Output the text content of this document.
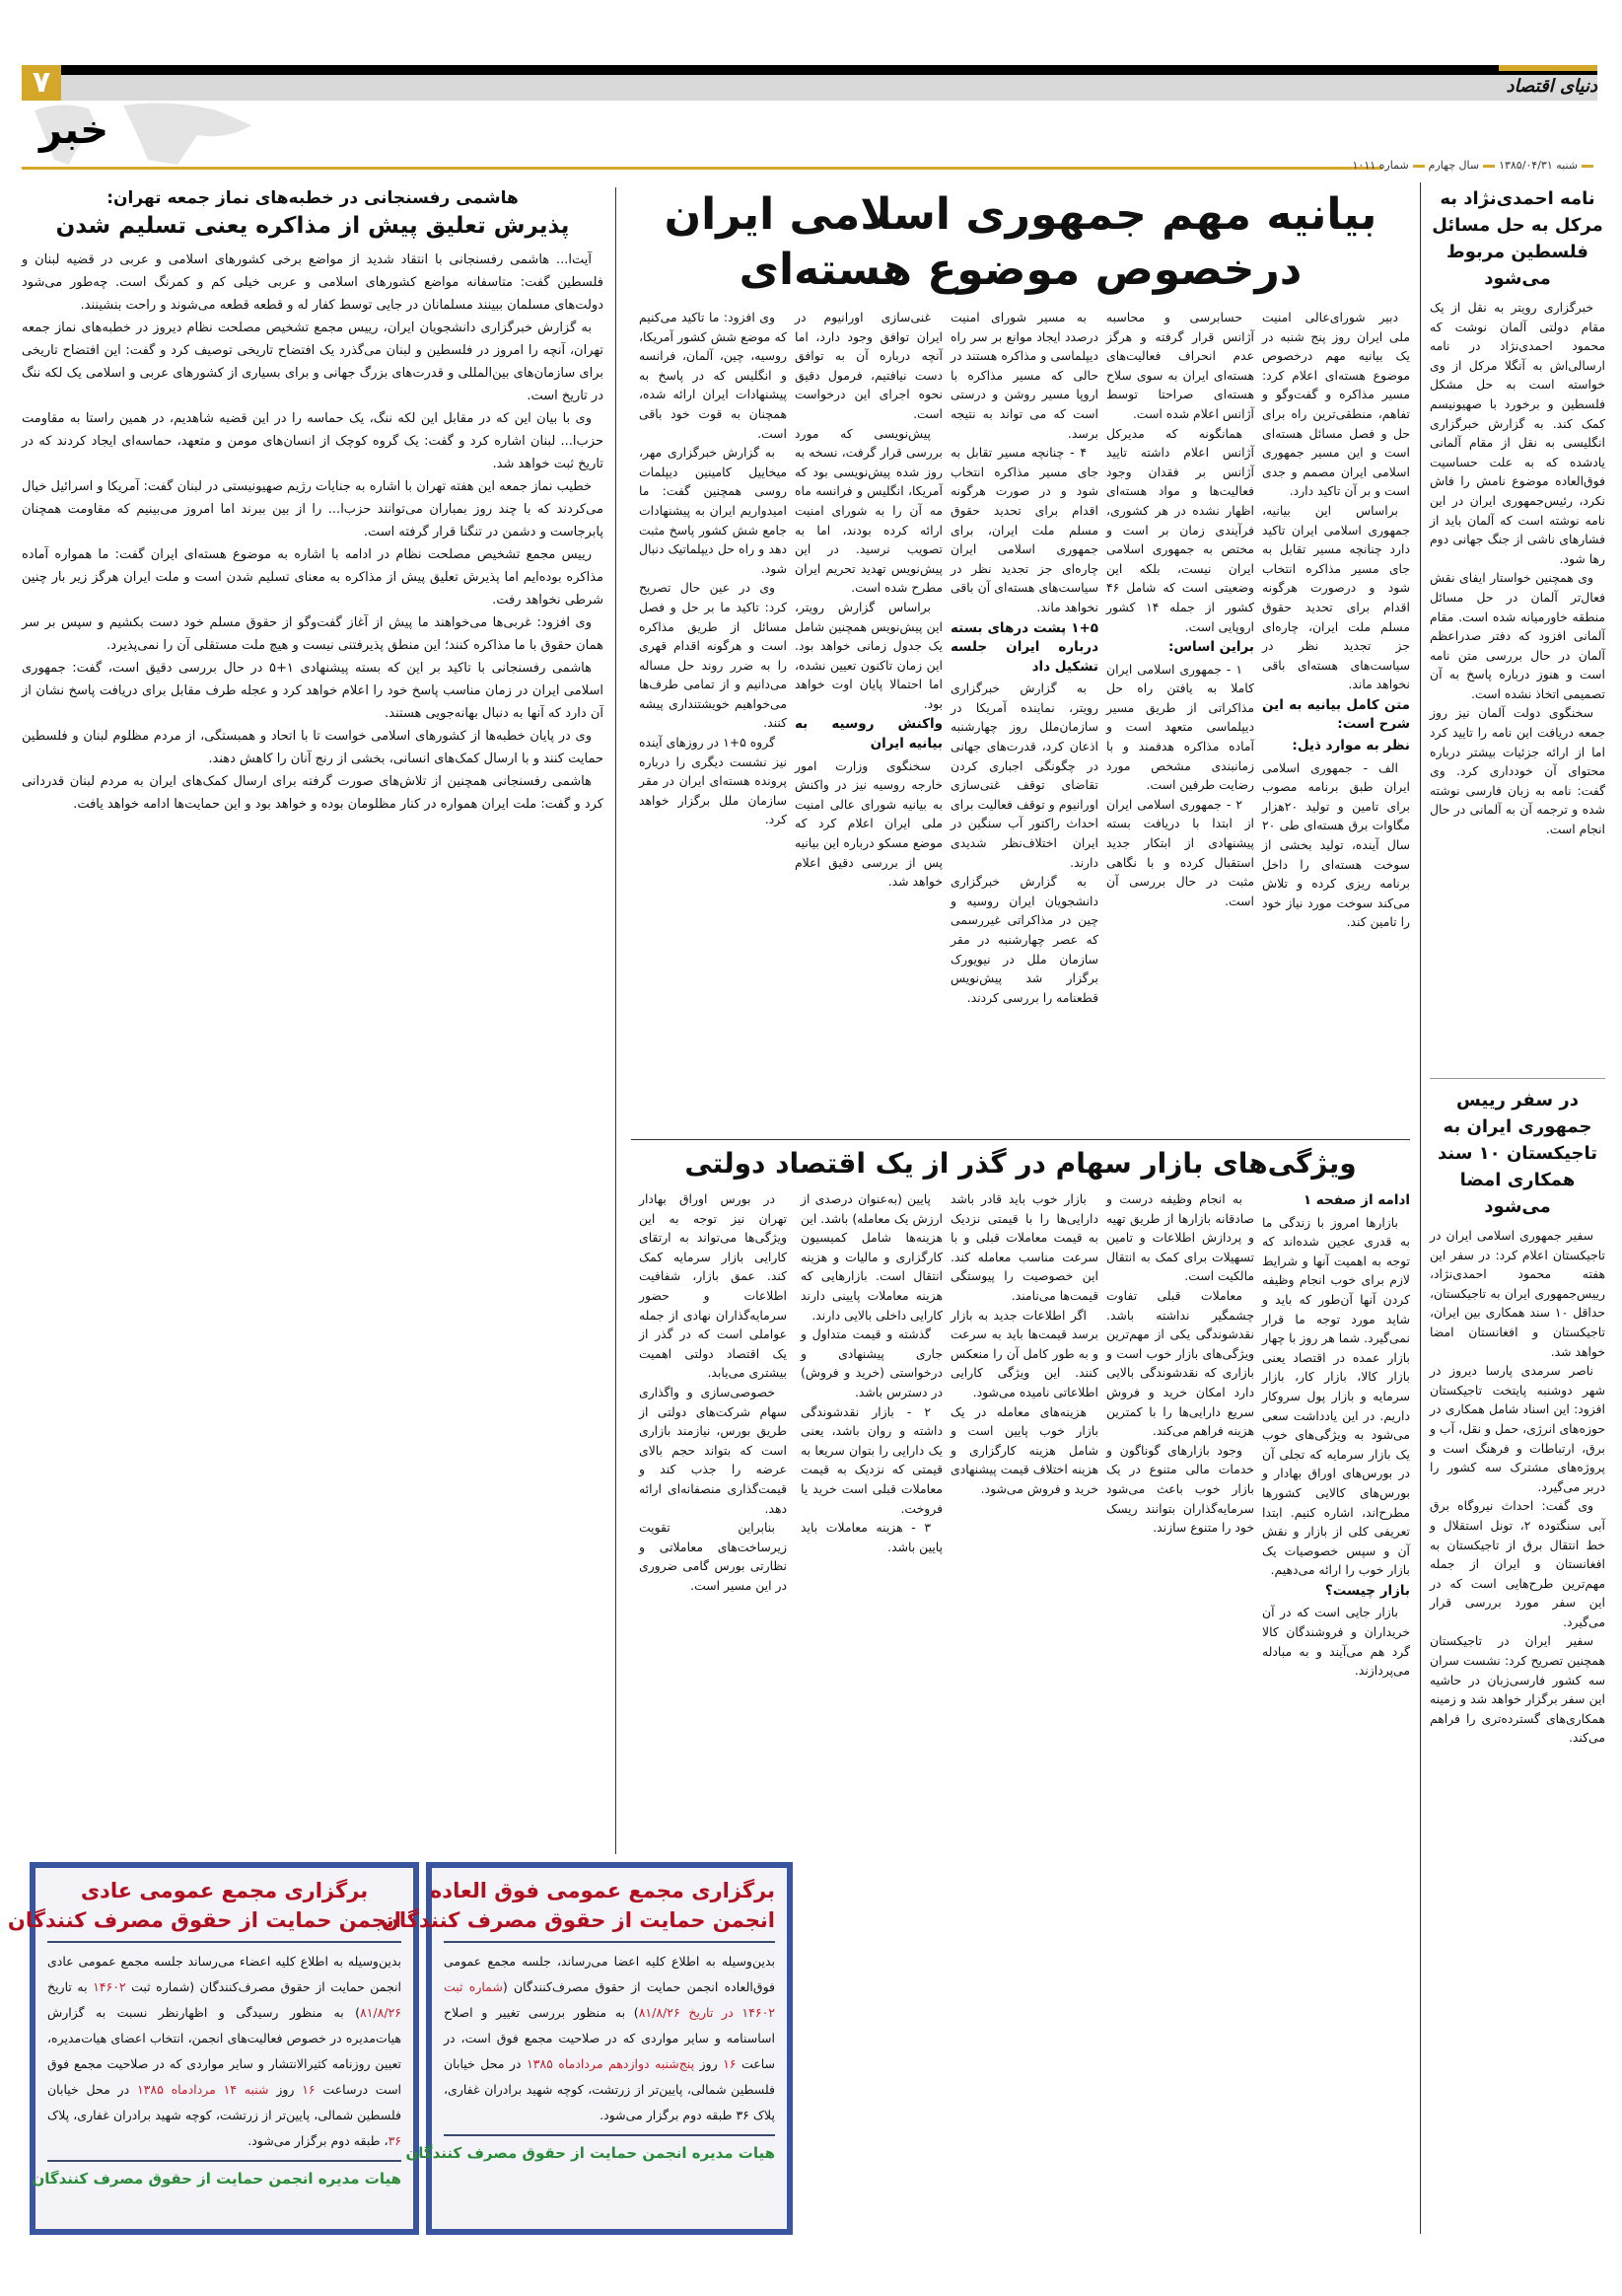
۷	دنیای اقتصاد
خبر
شنبه ۱۳۸۵/۰۴/۳۱سال چهارمشماره ۱۰۱۱
نامه احمدی‌نژاد به مرکل به حل مسائل فلسطین مربوط می‌شود

خبرگزاری رویتر به نقل از یک مقام دولتی آلمان نوشت که محمود احمدی‌نژاد در نامه ارسالی‌اش به آنگلا مرکل از وی خواسته است به حل مشکل فلسطین و برخورد با صهیونیسم کمک کند. به گزارش خبرگزاری انگلیسی به نقل از مقام آلمانی یادشده که به علت حساسیت فوق‌العاده موضوع نامش را فاش نکرد، رئیس‌جمهوری ایران در این نامه نوشته است که آلمان باید از فشارهای ناشی از جنگ جهانی دوم رها شود.

وی همچنین خواستار ایفای نقش فعال‌تر آلمان در حل مسائل منطقه خاورمیانه شده است. مقام آلمانی افزود که دفتر صدراعظم آلمان در حال بررسی متن نامه است و هنوز درباره پاسخ به آن تصمیمی اتخاذ نشده است.

سخنگوی دولت آلمان نیز روز جمعه دریافت این نامه را تایید کرد اما از ارائه جزئیات بیشتر درباره محتوای آن خودداری کرد. وی گفت: نامه به زبان فارسی نوشته شده و ترجمه آن به آلمانی در حال انجام است.

در سفر رییس جمهوری ایران به تاجیکستان ۱۰ سند همکاری امضا می‌شود

سفیر جمهوری اسلامی ایران در تاجیکستان اعلام کرد: در سفر این هفته محمود احمدی‌نژاد، رییس‌جمهوری ایران به تاجیکستان، حداقل ۱۰ سند همکاری بین ایران، تاجیکستان و افغانستان امضا خواهد شد.

ناصر سرمدی پارسا دیروز در شهر دوشنبه پایتخت تاجیکستان افزود: این اسناد شامل همکاری در حوزه‌های انرژی، حمل و نقل، آب و برق، ارتباطات و فرهنگ است و پروژه‌های مشترک سه کشور را دربر می‌گیرد.

وی گفت: احداث نیروگاه برق آبی سنگتوده ۲، تونل استقلال و خط انتقال برق از تاجیکستان به افغانستان و ایران از جمله مهم‌ترین طرح‌هایی است که در این سفر مورد بررسی قرار می‌گیرد.

سفیر ایران در تاجیکستان همچنین تصریح کرد: نشست سران سه کشور فارسی‌زبان در حاشیه این سفر برگزار خواهد شد و زمینه همکاری‌های گسترده‌تری را فراهم می‌کند.

بیانیه مهم جمهوری اسلامی ایران
درخصوص موضوع هسته‌ای

دبیر شورای‌عالی امنیت ملی ایران روز پنج شنبه در یک بیانیه مهم درخصوص موضوع هسته‌ای اعلام کرد: مسیر مذاکره و گفت‌وگو و تفاهم، منطقی‌ترین راه برای حل و فصل مسائل هسته‌ای است و این مسیر جمهوری اسلامی ایران مصمم و جدی است و بر آن تاکید دارد.

براساس این بیانیه، جمهوری اسلامی ایران تاکید دارد چنانچه مسیر تقابل به جای مسیر مذاکره انتخاب شود و درصورت هرگونه اقدام برای تحدید حقوق مسلم ملت ایران، چاره‌ای جز تجدید نظر در سیاست‌های هسته‌ای باقی نخواهد ماند.

متن کامل بیانیه به این شرح است:
نظر به موارد ذیل:

الف - جمهوری اسلامی ایران طبق برنامه مصوب برای تامین و تولید ۲۰هزار مگاوات برق هسته‌ای طی ۲۰ سال آینده، تولید بخشی از سوخت هسته‌ای را داخل برنامه ریزی کرده و تلاش می‌کند سوخت مورد نیاز خود را تامین کند.

حسابرسی و محاسبه آژانس قرار گرفته و هرگز عدم انحراف فعالیت‌های هسته‌ای ایران به سوی سلاح هسته‌ای صراحتا توسط آژانس اعلام شده است.

همانگونه که مدیرکل آژانس اعلام داشته تایید آژانس بر فقدان وجود فعالیت‌ها و مواد هسته‌ای اظهار نشده در هر کشوری، فرآیندی زمان بر است و مختص به جمهوری اسلامی ایران نیست، بلکه این وضعیتی است که شامل ۴۶ کشور از جمله ۱۴ کشور اروپایی است.

براین اساس:

۱ - جمهوری اسلامی ایران کاملا به یافتن راه حل مذاکراتی از طریق مسیر دیپلماسی متعهد است و آماده مذاکره هدفمند و با زمانبندی مشخص مورد رضایت طرفین است.

۲ - جمهوری اسلامی ایران از ابتدا با دریافت بسته پیشنهادی از ابتکار جدید استقبال کرده و با نگاهی مثبت در حال بررسی آن است.

به مسیر شورای امنیت درصدد ایجاد موانع بر سر راه دیپلماسی و مذاکره هستند در حالی که مسیر مذاکره با اروپا مسیر روشن و درستی است که می تواند به نتیجه برسد.

۴ - چنانچه مسیر تقابل به جای مسیر مذاکره انتخاب شود و در صورت هرگونه اقدام برای تحدید حقوق مسلم ملت ایران، برای جمهوری اسلامی ایران چاره‌ای جز تجدید نظر در سیاست‌های هسته‌ای آن باقی نخواهد ماند.

۱+۵ پشت درهای بسته درباره ایران جلسه تشکیل داد

به گزارش خبرگزاری رویتر، نماینده آمریکا در سازمان‌ملل روز چهارشنبه اذعان کرد، قدرت‌های جهانی در چگونگی اجباری کردن تقاضای توقف غنی‌سازی اورانیوم و توقف فعالیت برای احداث راکتور آب سنگین در ایران اختلاف‌نظر شدیدی دارند.

به گزارش خبرگزاری دانشجویان ایران روسیه و چین در مذاکراتی غیررسمی که عصر چهارشنبه در مقر سازمان ملل در نیویورک برگزار شد پیش‌نویس قطعنامه را بررسی کردند.

غنی‌سازی اورانیوم در ایران توافق وجود دارد، اما آنچه درباره آن به توافق دست نیافتیم، فرمول دقیق نحوه اجرای این درخواست است.

پیش‌نویسی که مورد بررسی قرار گرفت، نسخه به روز شده پیش‌نویسی بود که آمریکا، انگلیس و فرانسه ماه مه آن را به شورای امنیت ارائه کرده بودند، اما به تصویب نرسید. در این پیش‌نویس تهدید تحریم ایران مطرح شده است.

براساس گزارش رویتر، این پیش‌نویس همچنین شامل یک جدول زمانی خواهد بود. این زمان تاکنون تعیین نشده، اما احتمالا پایان اوت خواهد بود.

واکنش روسیه به بیانیه ایران

سخنگوی وزارت امور خارجه روسیه نیز در واکنش به بیانیه شورای عالی امنیت ملی ایران اعلام کرد که موضع مسکو درباره این بیانیه پس از بررسی دقیق اعلام خواهد شد.

وی افزود: ما تاکید می‌کنیم که موضع شش کشور آمریکا، روسیه، چین، آلمان، فرانسه و انگلیس که در پاسخ به پیشنهادات ایران ارائه شده، همچنان به قوت خود باقی است.

به گزارش خبرگزاری مهر، میخاییل کامینین دیپلمات روسی همچنین گفت: ما امیدواریم ایران به پیشنهادات جامع شش کشور پاسخ مثبت دهد و راه حل دیپلماتیک دنبال شود.

وی در عین حال تصریح کرد: تاکید ما بر حل و فصل مسائل از طریق مذاکره است و هرگونه اقدام قهری را به ضرر روند حل مساله می‌دانیم و از تمامی طرف‌ها می‌خواهیم خویشتنداری پیشه کنند.

گروه ۵+۱ در روزهای آینده نیز نشست دیگری را درباره پرونده هسته‌ای ایران در مقر سازمان ملل برگزار خواهد کرد.

ویژگی‌های بازار سهام در گذر از یک اقتصاد دولتی
ادامه از صفحه ۱

بازارها امروز با زندگی ما به قدری عجین شده‌اند که توجه به اهمیت آنها و شرایط لازم برای خوب انجام وظیفه کردن آنها آن‌طور که باید و شاید مورد توجه ما قرار نمی‌گیرد. شما هر روز با چهار بازار عمده در اقتصاد یعنی بازار کالا، بازار کار، بازار سرمایه و بازار پول سروکار داریم. در این یادداشت سعی می‌شود به ویژگی‌های خوب یک بازار سرمایه که تجلی آن در بورس‌های اوراق بهادار و بورس‌های کالایی کشورها مطرح‌اند، اشاره کنیم. ابتدا تعریفی کلی از بازار و نقش آن و سپس خصوصیات یک بازار خوب را ارائه می‌دهیم.

بازار چیست؟

بازار جایی است که در آن خریداران و فروشندگان کالا گرد هم می‌آیند و به مبادله می‌پردازند.

به انجام وظیفه درست و صادقانه بازارها از طریق تهیه و پردازش اطلاعات و تامین تسهیلات برای کمک به انتقال مالکیت است.

معاملات قبلی تفاوت چشمگیر نداشته باشد. نقدشوندگی یکی از مهم‌ترین ویژگی‌های بازار خوب است و بازاری که نقدشوندگی بالایی دارد امکان خرید و فروش سریع دارایی‌ها را با کمترین هزینه فراهم می‌کند.

وجود بازارهای گوناگون و خدمات مالی متنوع در یک بازار خوب باعث می‌شود سرمایه‌گذاران بتوانند ریسک خود را متنوع سازند.

بازار خوب باید قادر باشد دارایی‌ها را با قیمتی نزدیک به قیمت معاملات قبلی و با سرعت مناسب معامله کند. این خصوصیت را پیوستگی قیمت‌ها می‌نامند.

اگر اطلاعات جدید به بازار برسد قیمت‌ها باید به سرعت و به طور کامل آن را منعکس کنند. این ویژگی کارایی اطلاعاتی نامیده می‌شود.

هزینه‌های معامله در یک بازار خوب پایین است و شامل هزینه کارگزاری و هزینه اختلاف قیمت پیشنهادی خرید و فروش می‌شود.

پایین (به‌عنوان درصدی از ارزش یک معامله) باشد. این هزینه‌ها شامل کمیسیون کارگزاری و مالیات و هزینه انتقال است. بازارهایی که هزینه معاملات پایینی دارند کارایی داخلی بالایی دارند.

گذشته و قیمت متداول و جاری پیشنهادی و درخواستی (خرید و فروش) در دسترس باشد.

۲ - بازار نقدشوندگی داشته و روان باشد، یعنی یک دارایی را بتوان سریعا به قیمتی که نزدیک به قیمت معاملات قبلی است خرید یا فروخت.

۳ - هزینه معاملات باید پایین باشد.

در بورس اوراق بهادار تهران نیز توجه به این ویژگی‌ها می‌تواند به ارتقای کارایی بازار سرمایه کمک کند. عمق بازار، شفافیت اطلاعات و حضور سرمایه‌گذاران نهادی از جمله عواملی است که در گذر از یک اقتصاد دولتی اهمیت بیشتری می‌یابد.

خصوصی‌سازی و واگذاری سهام شرکت‌های دولتی از طریق بورس، نیازمند بازاری است که بتواند حجم بالای عرضه را جذب کند و قیمت‌گذاری منصفانه‌ای ارائه دهد.

بنابراین تقویت زیرساخت‌های معاملاتی و نظارتی بورس گامی ضروری در این مسیر است.

هاشمی رفسنجانی در خطبه‌های نماز جمعه تهران:
پذیرش تعلیق پیش از مذاکره یعنی تسلیم شدن

آیت‌ا... هاشمی رفسنجانی با انتقاد شدید از مواضع برخی کشورهای اسلامی و عربی در قضیه لبنان و فلسطین گفت: متاسفانه مواضع کشورهای اسلامی و عربی خیلی کم و کمرنگ است. چه‌طور می‌شود دولت‌های مسلمان ببینند مسلمانان در جایی توسط کفار له و قطعه قطعه می‌شوند و راحت بنشینند.

به گزارش خبرگزاری دانشجویان ایران، رییس مجمع تشخیص مصلحت نظام دیروز در خطبه‌های نماز جمعه تهران، آنچه را امروز در فلسطین و لبنان می‌گذرد یک افتضاح تاریخی توصیف کرد و گفت: این افتضاح تاریخی برای سازمان‌های بین‌المللی و قدرت‌های بزرگ جهانی و برای بسیاری از کشورهای عربی و اسلامی یک لکه ننگ در تاریخ است.

وی با بیان این که در مقابل این لکه ننگ، یک حماسه را در این قضیه شاهدیم، در همین راستا به مقاومت حزب‌ا... لبنان اشاره کرد و گفت: یک گروه کوچک از انسان‌های مومن و متعهد، حماسه‌ای ایجاد کردند که در تاریخ ثبت خواهد شد.

خطیب نماز جمعه این هفته تهران با اشاره به جنایات رژیم صهیونیستی در لبنان گفت: آمریکا و اسرائیل خیال می‌کردند که با چند روز بمباران می‌توانند حزب‌ا... را از بین ببرند اما امروز می‌بینیم که مقاومت همچنان پابرجاست و دشمن در تنگنا قرار گرفته است.

رییس مجمع تشخیص مصلحت نظام در ادامه با اشاره به موضوع هسته‌ای ایران گفت: ما همواره آماده مذاکره بوده‌ایم اما پذیرش تعلیق پیش از مذاکره به معنای تسلیم شدن است و ملت ایران هرگز زیر بار چنین شرطی نخواهد رفت.

وی افزود: غربی‌ها می‌خواهند ما پیش از آغاز گفت‌وگو از حقوق مسلم خود دست بکشیم و سپس بر سر همان حقوق با ما مذاکره کنند؛ این منطق پذیرفتنی نیست و هیچ ملت مستقلی آن را نمی‌پذیرد.

هاشمی رفسنجانی با تاکید بر این که بسته پیشنهادی ۱+۵ در حال بررسی دقیق است، گفت: جمهوری اسلامی ایران در زمان مناسب پاسخ خود را اعلام خواهد کرد و عجله طرف مقابل برای دریافت پاسخ نشان از آن دارد که آنها به دنبال بهانه‌جویی هستند.

وی در پایان خطبه‌ها از کشورهای اسلامی خواست تا با اتحاد و همبستگی، از مردم مظلوم لبنان و فلسطین حمایت کنند و با ارسال کمک‌های انسانی، بخشی از رنج آنان را کاهش دهند.

هاشمی رفسنجانی همچنین از تلاش‌های صورت گرفته برای ارسال کمک‌های ایران به مردم لبنان قدردانی کرد و گفت: ملت ایران همواره در کنار مظلومان بوده و خواهد بود و این حمایت‌ها ادامه خواهد یافت.

برگزاری مجمع عمومی عادی
انجمن حمایت از حقوق مصرف کنندگان
بدین‌وسیله به اطلاع کلیه اعضاء می‌رساند جلسه مجمع عمومی عادی انجمن حمایت از حقوق مصرف‌کنندگان (شماره ثبت ۱۴۶۰۲ به تاریخ ۸۱/۸/۲۶) به منظور رسیدگی و اظهارنظر نسبت به گزارش هیات‌مدیره در خصوص فعالیت‌های انجمن، انتخاب اعضای هیات‌مدیره، تعیین روزنامه کثیرالانتشار و سایر مواردی که در صلاحیت مجمع فوق است درساعت ۱۶ روز شنبه ۱۴ مردادماه ۱۳۸۵ در محل خیابان فلسطین شمالی، پایین‌تر از زرتشت، کوچه شهید برادران غفاری، پلاک ۳۶، طبقه دوم برگزار می‌شود.
هیات مدیره انجمن حمایت از حقوق مصرف کنندگان
برگزاری مجمع عمومی فوق العاده
انجمن حمایت از حقوق مصرف کنندگان
بدین‌وسیله به اطلاع کلیه اعضا می‌رساند، جلسه مجمع عمومی فوق‌العاده انجمن حمایت از حقوق مصرف‌کنندگان (شماره ثبت ۱۴۶۰۲ در تاریخ ۸۱/۸/۲۶) به منظور بررسی تغییر و اصلاح اساسنامه و سایر مواردی که در صلاحیت مجمع فوق است، در ساعت ۱۶ روز پنج‌شنبه دوازدهم مردادماه ۱۳۸۵ در محل خیابان فلسطین شمالی، پایین‌تر از زرتشت، کوچه شهید برادران غفاری، پلاک ۳۶ طبقه دوم برگزار می‌شود.
هیات مدیره انجمن حمایت از حقوق مصرف کنندگان
